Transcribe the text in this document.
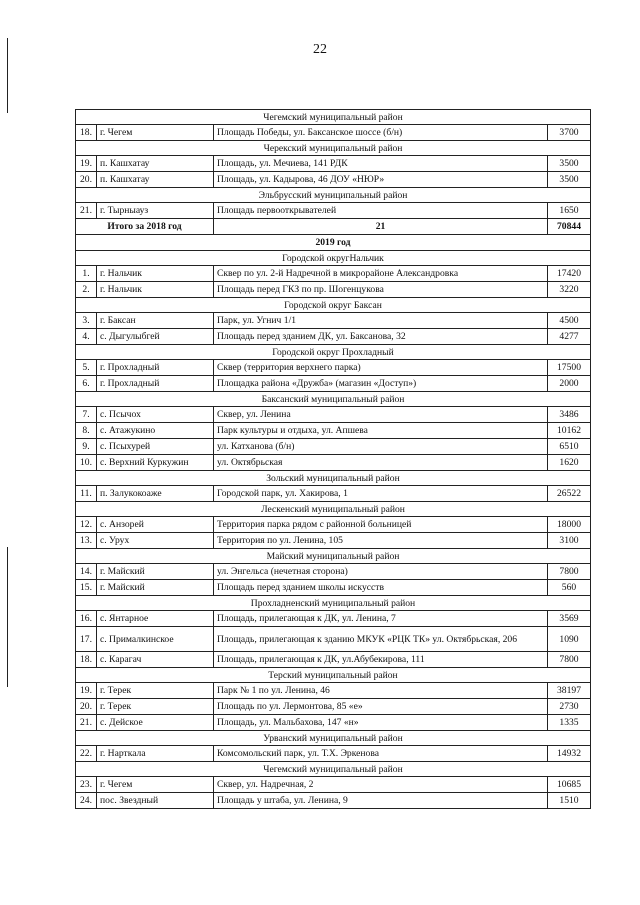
22
Чегемский муниципальный район			
18.	г. Чегем	Площадь Победы, ул. Баксанское шоссе (б/н)	3700
Черекский муниципальный район			
19.	п. Кашхатау	Площадь, ул. Мечиева, 141 РДК	3500
20.	п. Кашхатау	Площадь, ул. Кадырова, 46 ДОУ «НЮР»	3500
Эльбрусский муниципальный район			
21.	г. Тырныауз	Площадь первооткрывателей	1650
Итого за 2018 год		21	70844
2019 год			
Городской округНальчик			
1.	г. Нальчик	Сквер по ул. 2-й Надречной в микрорайоне Александровка	17420
2.	г. Нальчик	Площадь перед ГКЗ по пр. Шогенцукова	3220
Городской округ Баксан			
3.	г. Баксан	Парк, ул. Угнич 1/1	4500
4.	с. Дыгулыбгей	Площадь перед зданием ДК, ул. Баксанова, 32	4277
Городской округ Прохладный			
5.	г. Прохладный	Сквер (территория верхнего парка)	17500
6.	г. Прохладный	Площадка района «Дружба» (магазин «Доступ»)	2000
Баксанский муниципальный район			
7.	с. Псычох	Сквер, ул. Ленина	3486
8.	с. Атажукино	Парк культуры и отдыха, ул. Апшева	10162
9.	с. Псыхурей	ул. Катханова (б/н)	6510
10.	с. Верхний Куркужин	ул. Октябрьская	1620
Зольский муниципальный район			
11.	п. Залукокоаже	Городской парк, ул. Хакирова, 1	26522
Лескенский муниципальный район			
12.	с. Анзорей	Территория парка рядом с районной больницей	18000
13.	с. Урух	Территория по ул. Ленина, 105	3100
Майский муниципальный район			
14.	г. Майский	ул. Энгельса (нечетная сторона)	7800
15.	г. Майский	Площадь перед зданием школы искусств	560
Прохладненский муниципальный район			
16.	с. Янтарное	Площадь, прилегающая к ДК, ул. Ленина, 7	3569
17.	с. Прималкинское	Площадь, прилегающая к зданию МКУК «РЦК ТК» ул. Октябрьская, 206	1090
18.	с. Карагач	Площадь, прилегающая к ДК, ул.Абубекирова, 111	7800
Терский муниципальный район			
19.	г. Терек	Парк № 1 по ул. Ленина, 46	38197
20.	г. Терек	Площадь по ул. Лермонтова, 85 «е»	2730
21.	с. Дейское	Площадь, ул. Мальбахова, 147 «н»	1335
Урванский муниципальный район			
22.	г. Нарткала	Комсомольский парк, ул. Т.Х. Эркенова	14932
Чегемский муниципальный район			
23.	г. Чегем	Сквер, ул. Надречная, 2	10685
24.	пос. Звездный	Площадь у штаба, ул. Ленина, 9	1510
